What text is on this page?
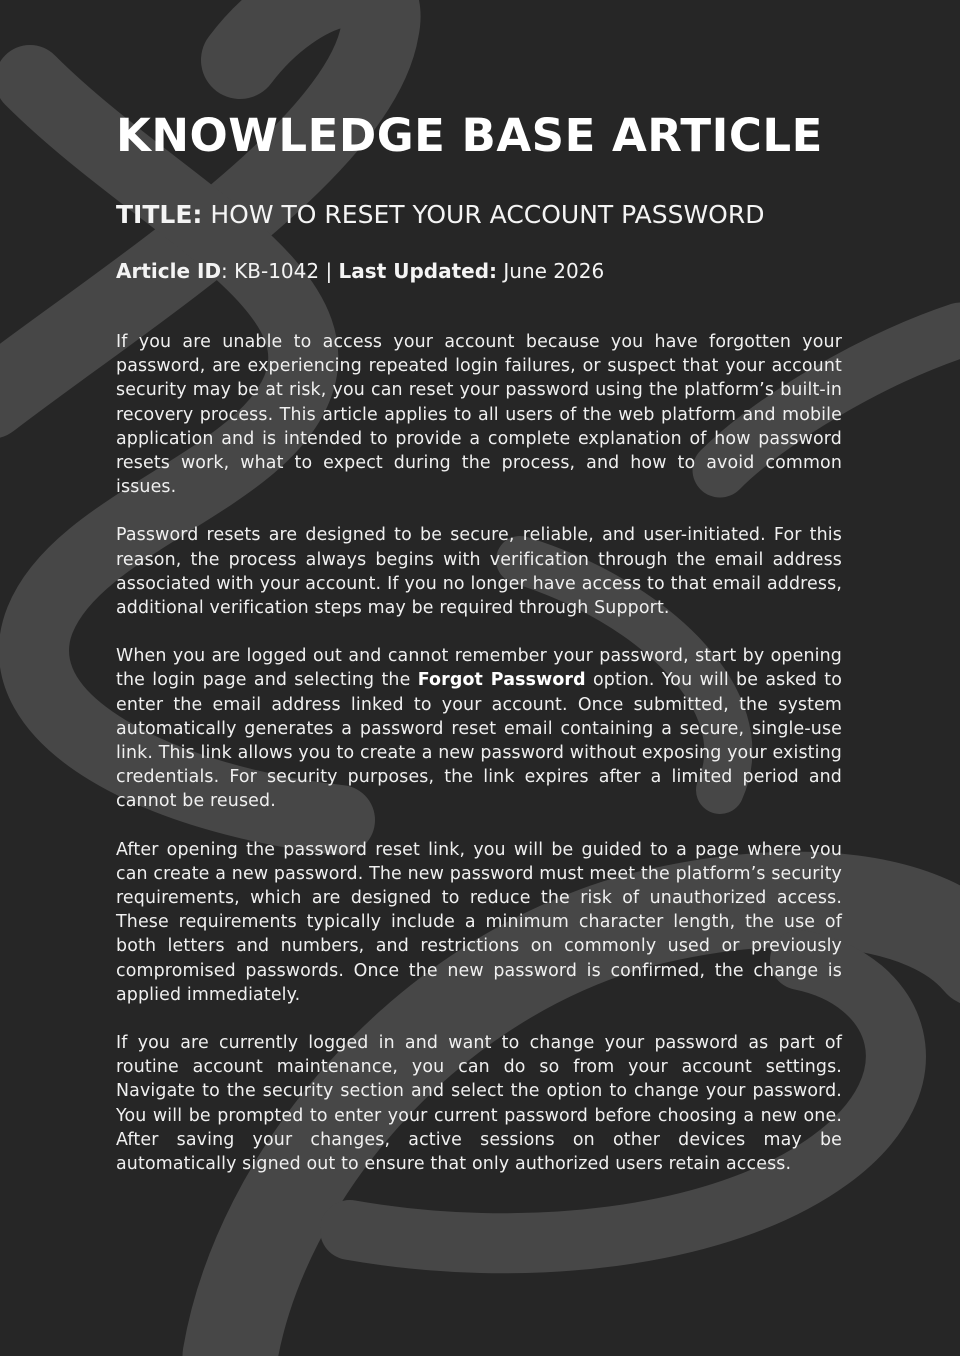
KNOWLEDGE BASE ARTICLE
TITLE: HOW TO RESET YOUR ACCOUNT PASSWORD
Article ID: KB-1042 | Last Updated: June 2026

If you are unable to access your account because you have forgotten your password, are experiencing repeated login failures, or suspect that your account security may be at risk, you can reset your password using the platform’s built-in recovery process. This article applies to all users of the web platform and mobile application and is intended to provide a complete explanation of how password resets work, what to expect during the process, and how to avoid common issues.

Password resets are designed to be secure, reliable, and user-initiated. For this reason, the process always begins with verification through the email address associated with your account. If you no longer have access to that email address, additional verification steps may be required through Support.

When you are logged out and cannot remember your password, start by opening the login page and selecting the Forgot Password option. You will be asked to enter the email address linked to your account. Once submitted, the system automatically generates a password reset email containing a secure, single-use link. This link allows you to create a new password without exposing your existing credentials. For security purposes, the link expires after a limited period and cannot be reused.

After opening the password reset link, you will be guided to a page where you can create a new password. The new password must meet the platform’s security requirements, which are designed to reduce the risk of unauthorized access. These requirements typically include a minimum character length, the use of both letters and numbers, and restrictions on commonly used or previously compromised passwords. Once the new password is confirmed, the change is applied immediately.

If you are currently logged in and want to change your password as part of routine account maintenance, you can do so from your account settings. Navigate to the security section and select the option to change your password. You will be prompted to enter your current password before choosing a new one. After saving your changes, active sessions on other devices may be automatically signed out to ensure that only authorized users retain access.
